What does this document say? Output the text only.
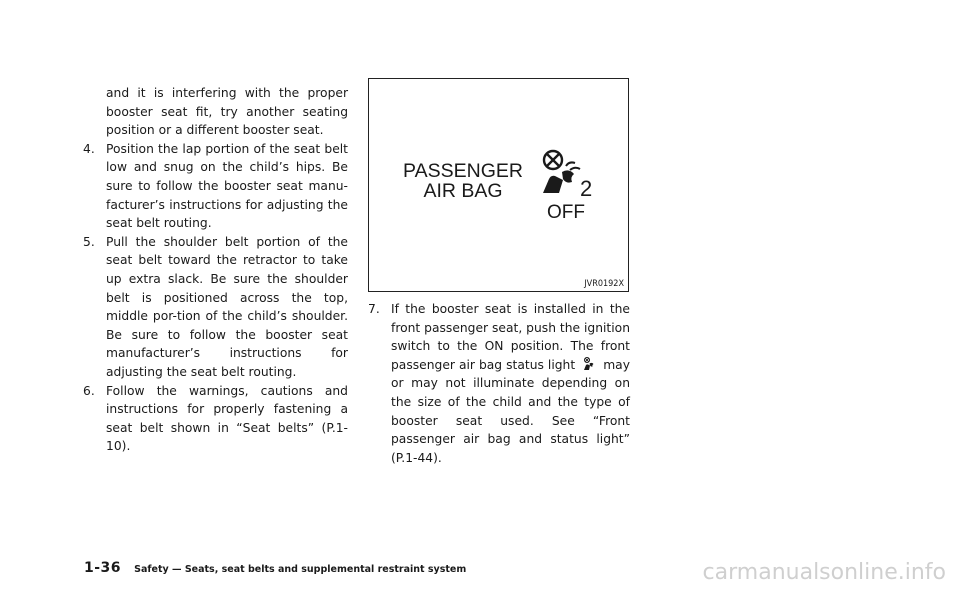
and it is interfering with the proper booster seat fit, try another seating position or a different booster seat.

4. Position the lap portion of the seat belt low and snug on the child’s hips. Be sure to follow the booster seat manu-facturer’s instructions for adjusting the seat belt routing.
5. Pull the shoulder belt portion of the seat belt toward the retractor to take up extra slack. Be sure the shoulder belt is positioned across the top, middle por-tion of the child’s shoulder. Be sure to follow the booster seat manufacturer’s instructions for adjusting the seat belt routing.
6. Follow the warnings, cautions and instructions for properly fastening a seat belt shown in “Seat belts” (P.1-10).
PASSENGER
AIR BAG	2
OFF
JVR0192X
7. If the booster seat is installed in the front passenger seat, push the ignition switch to the ON position. The front passenger air bag status light may or may not illuminate depending on the size of the child and the type of booster seat used. See “Front passenger air bag and status light” (P.1-44).
1-36 Safety — Seats, seat belts and supplemental restraint system	carmanualsonline.info
